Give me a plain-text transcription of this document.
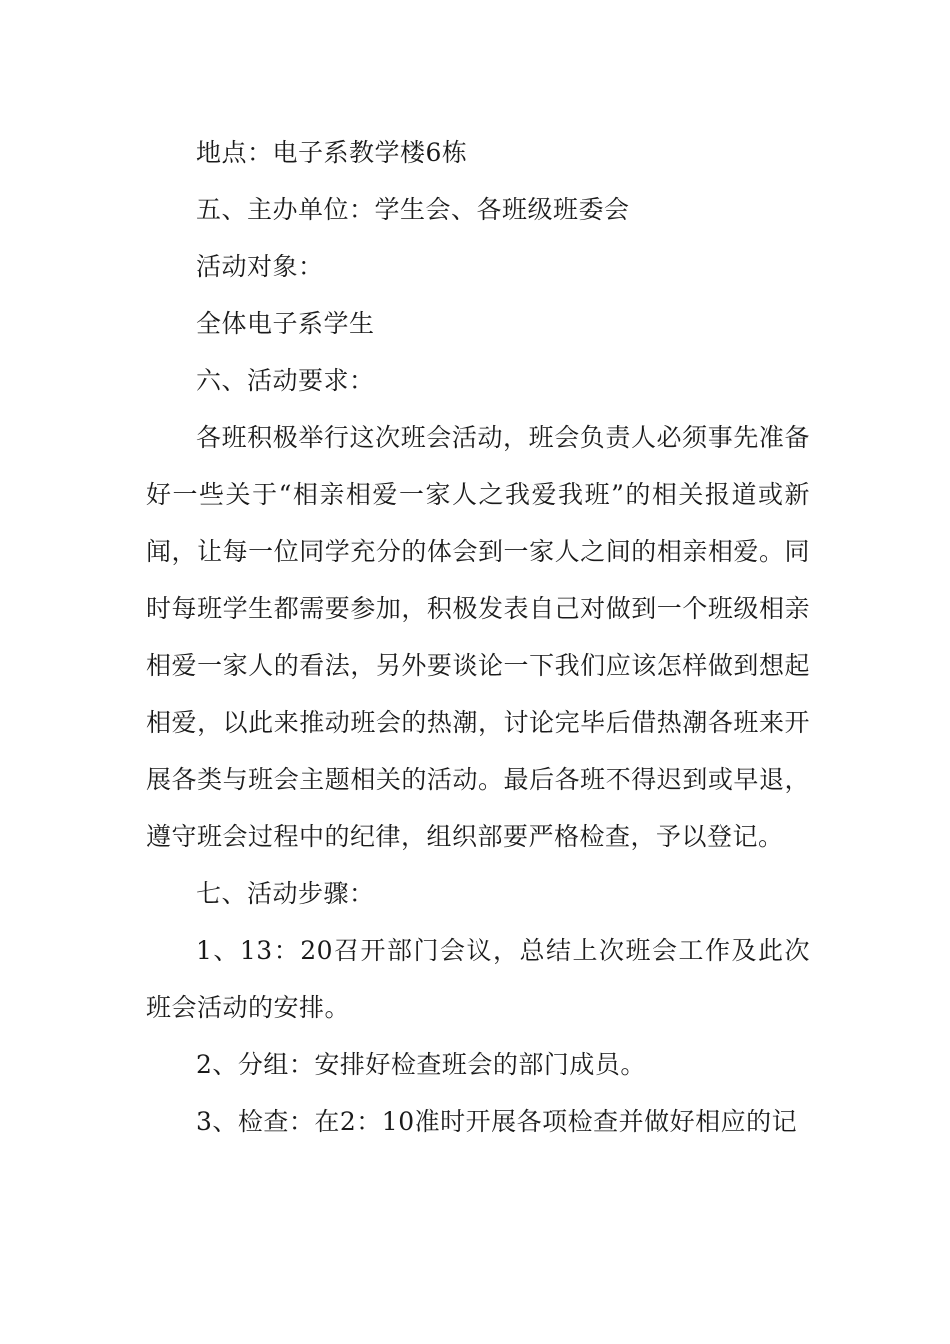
地点：电子系教学楼6栋

五、主办单位：学生会、各班级班委会

活动对象：

全体电子系学生

六、活动要求：

各班积极举行这次班会活动，班会负责人必须事先准备好一些关于“相亲相爱一家人之我爱我班”的相关报道或新闻，让每一位同学充分的体会到一家人之间的相亲相爱。同时每班学生都需要参加，积极发表自己对做到一个班级相亲相爱一家人的看法，另外要谈论一下我们应该怎样做到想起相爱，以此来推动班会的热潮，讨论完毕后借热潮各班来开展各类与班会主题相关的活动。最后各班不得迟到或早退，遵守班会过程中的纪律，组织部要严格检查，予以登记。

七、活动步骤：

1、13：20召开部门会议，总结上次班会工作及此次班会活动的安排。

2、分组：安排好检查班会的部门成员。

3、检查：在2：10准时开展各项检查并做好相应的记
